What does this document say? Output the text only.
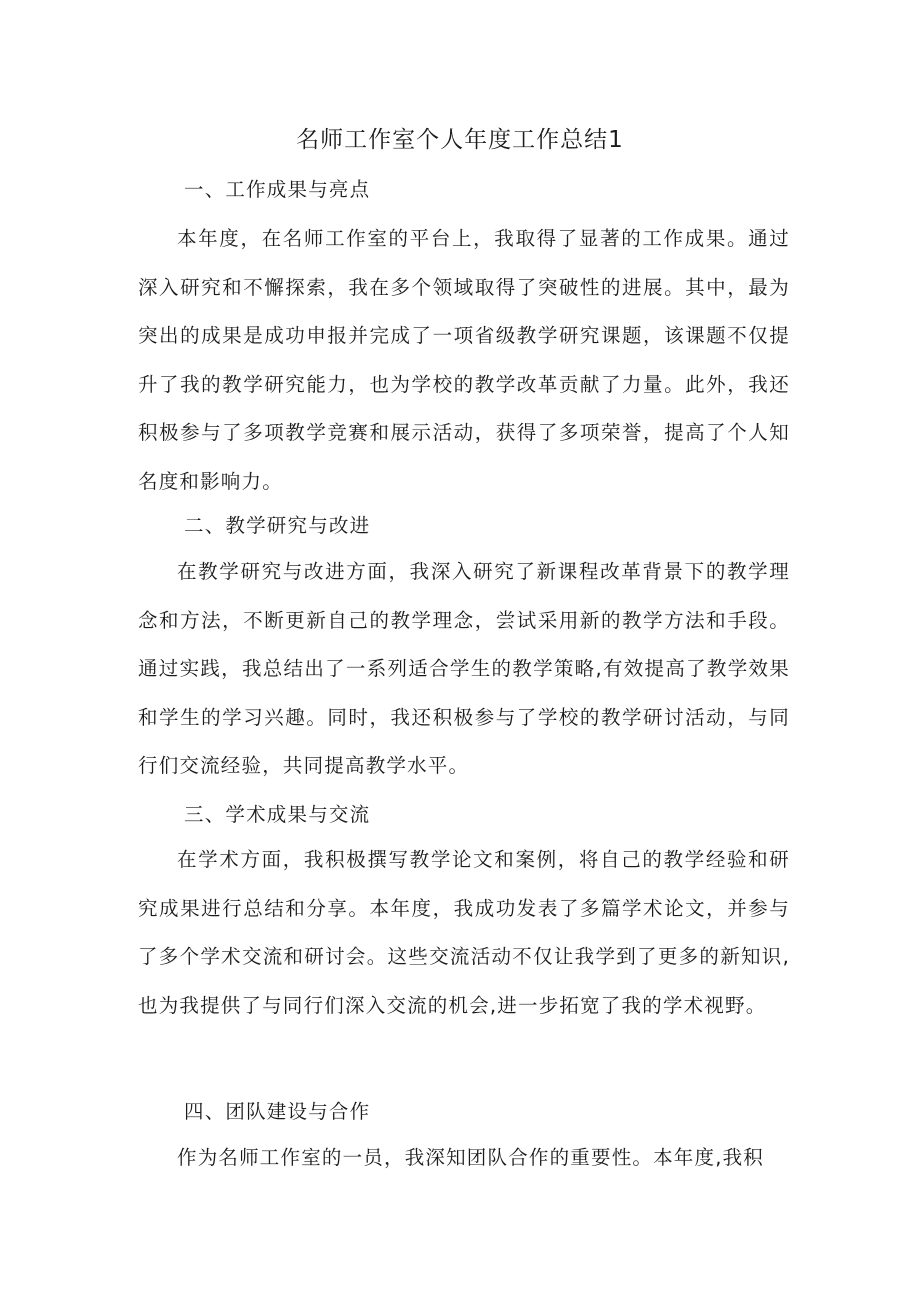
名师工作室个人年度工作总结1
一、工作成果与亮点

本年度，在名师工作室的平台上，我取得了显著的工作成果。通过深入研究和不懈探索，我在多个领域取得了突破性的进展。其中，最为突出的成果是成功申报并完成了一项省级教学研究课题，该课题不仅提升了我的教学研究能力，也为学校的教学改革贡献了力量。此外，我还积极参与了多项教学竞赛和展示活动，获得了多项荣誉，提高了个人知名度和影响力。

二、教学研究与改进

在教学研究与改进方面，我深入研究了新课程改革背景下的教学理念和方法，不断更新自己的教学理念，尝试采用新的教学方法和手段。通过实践，我总结出了一系列适合学生的教学策略,有效提高了教学效果和学生的学习兴趣。同时，我还积极参与了学校的教学研讨活动，与同行们交流经验，共同提高教学水平。

三、学术成果与交流

在学术方面，我积极撰写教学论文和案例，将自己的教学经验和研究成果进行总结和分享。本年度，我成功发表了多篇学术论文，并参与了多个学术交流和研讨会。这些交流活动不仅让我学到了更多的新知识,也为我提供了与同行们深入交流的机会,进一步拓宽了我的学术视野。

四、团队建设与合作

作为名师工作室的一员，我深知团队合作的重要性。本年度,我积
